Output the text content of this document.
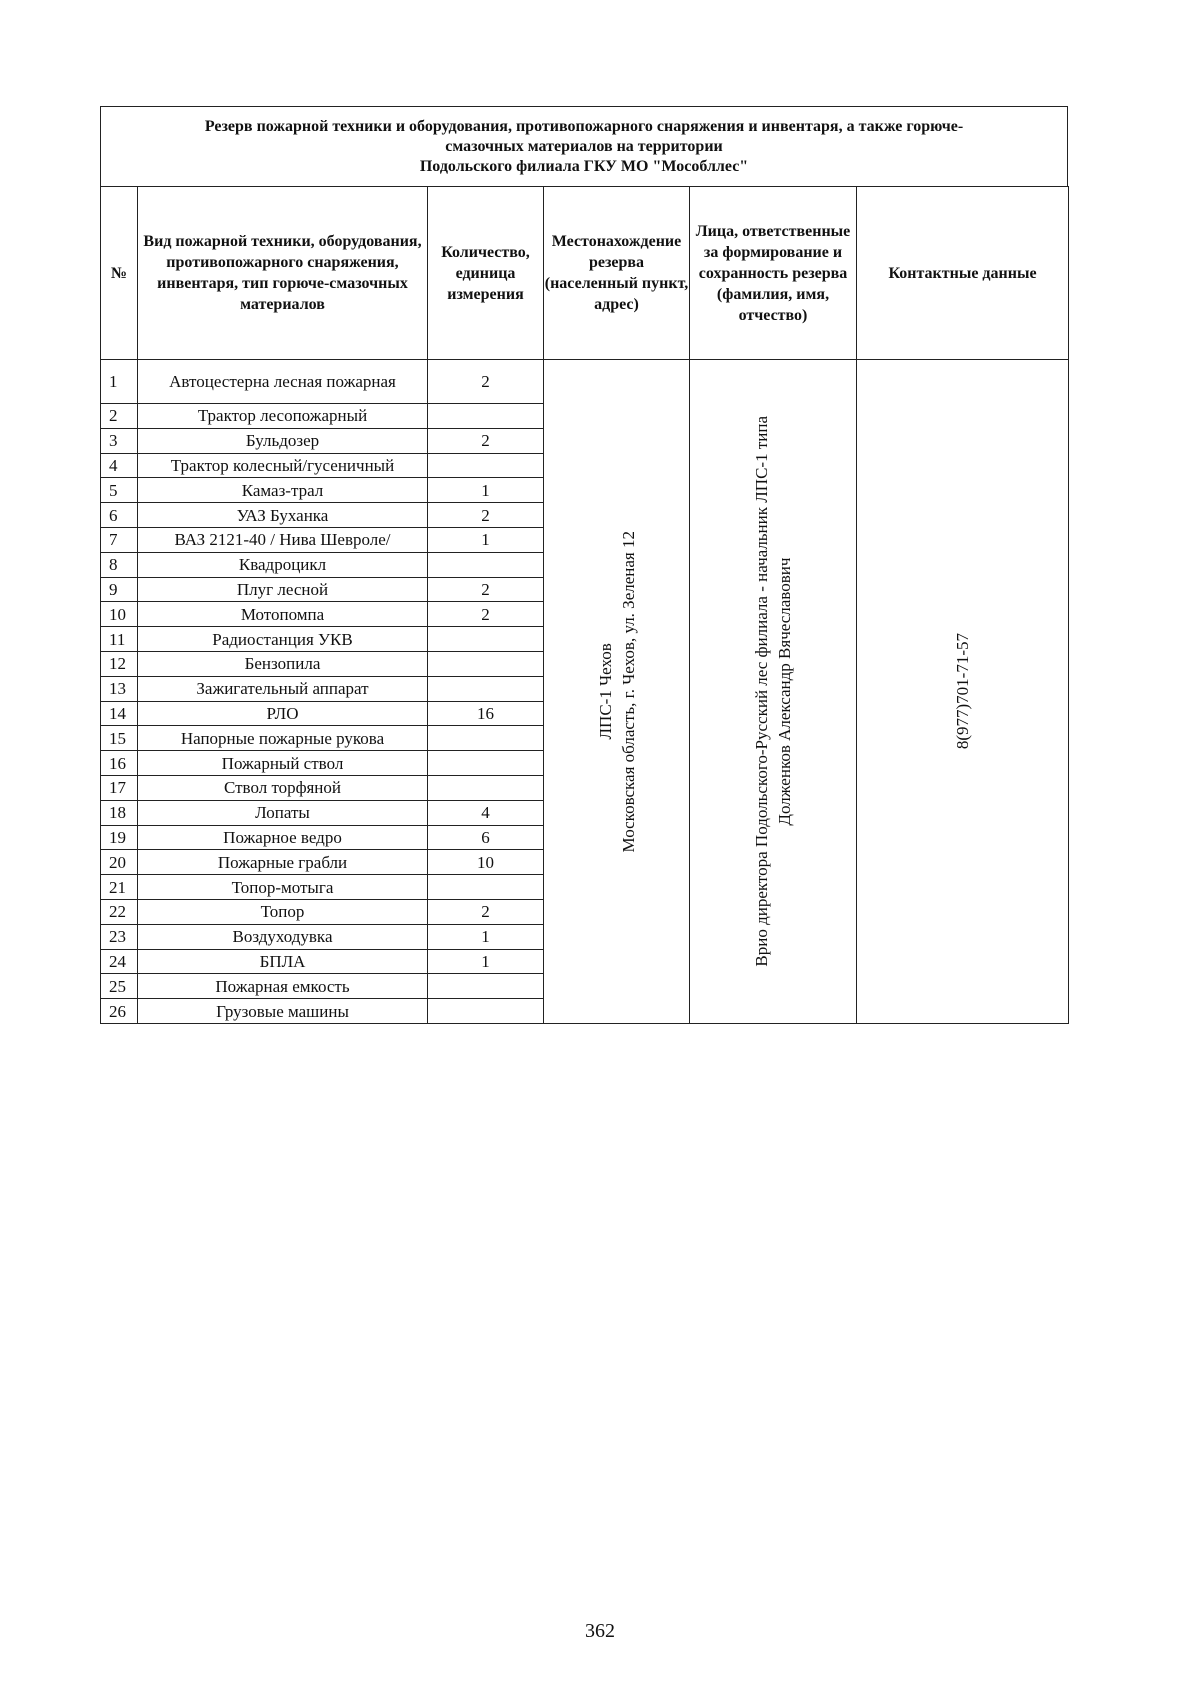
Резерв пожарной техники и оборудования, противопожарного снаряжения и инвентаря, а также горюче-
смазочных материалов на территории
Подольского филиала ГКУ МО "Мособллес"
№	Вид пожарной техники, оборудования, противопожарного снаряжения, инвентаря, тип горюче-смазочных материалов	Количество, единица измерения	Местонахождение резерва (населенный пункт, адрес)	Лица, ответственные за формирование и сохранность резерва (фамилия, имя, отчество)	Контактные данные
1	Автоцестерна лесная пожарная	2	ЛПС-1 Чехов Московская область, г. Чехов, ул. Зеленая 12	Врио директора Подольского-Русский лес филиала - начальник ЛПС-1 типа Долженков Александр Вячеславович	8(977)701-71-57

2	Трактор лесопожарный				
3	Бульдозер	2			
4	Трактор колесный/гусеничный				
5	Камаз-трал	1			
6	УАЗ Буханка	2			
7	ВАЗ 2121-40 / Нива Шевроле/	1			
8	Квадроцикл				
9	Плуг лесной	2			
10	Мотопомпа	2			
11	Радиостанция УКВ				
12	Бензопила				
13	Зажигательный аппарат				
14	РЛО	16			
15	Напорные пожарные рукова				
16	Пожарный ствол				
17	Ствол торфяной				
18	Лопаты	4			
19	Пожарное ведро	6			
20	Пожарные грабли	10			
21	Топор-мотыга				
22	Топор	2			
23	Воздуходувка	1			
24	БПЛА	1			
25	Пожарная емкость				
26	Грузовые машины				
362
